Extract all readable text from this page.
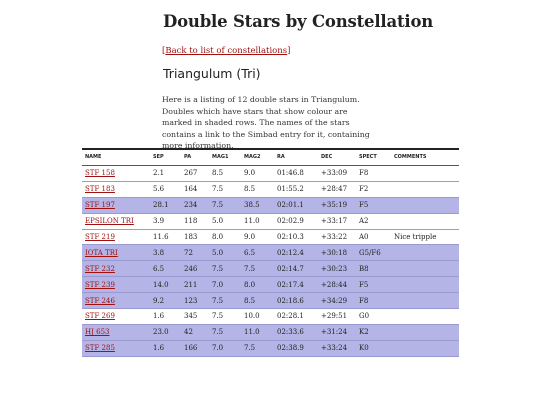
Double Stars by Constellation
[Back to list of constellations]
Triangulum (Tri)

Here is a listing of 12 double stars in Triangulum. Doubles which have stars that show colour are marked in shaded rows. The names of the stars contains a link to the Simbad entry for it, containing more information.

NAME	SEP	PA	MAG1	MAG2	RA	DEC	SPECT	COMMENTS
STF 158	2.1	267	8.5	9.0	01:46.8	+33:09	F8	
STF 183	5.6	164	7.5	8.5	01:55.2	+28:47	F2	
STF 197	28.1	234	7.5	38.5	02:01.1	+35:19	F5	
EPSILON TRI	3.9	118	5.0	11.0	02:02.9	+33:17	A2	
STF 219	11.6	183	8.0	9.0	02:10.3	+33:22	A0	Nice tripple
IOTA TRI	3.8	72	5.0	6.5	02:12.4	+30:18	G5/F6	
STF 232	6.5	246	7.5	7.5	02:14.7	+30:23	B8	
STF 239	14.0	211	7.0	8.0	02:17.4	+28:44	F5	
STF 246	9.2	123	7.5	8.5	02:18.6	+34:29	F8	
STF 269	1.6	345	7.5	10.0	02:28.1	+29:51	G0	
HJ 653	23.0	42	7.5	11.0	02:33.6	+31:24	K2	
STF 285	1.6	166	7.0	7.5	02:38.9	+33:24	K0	
